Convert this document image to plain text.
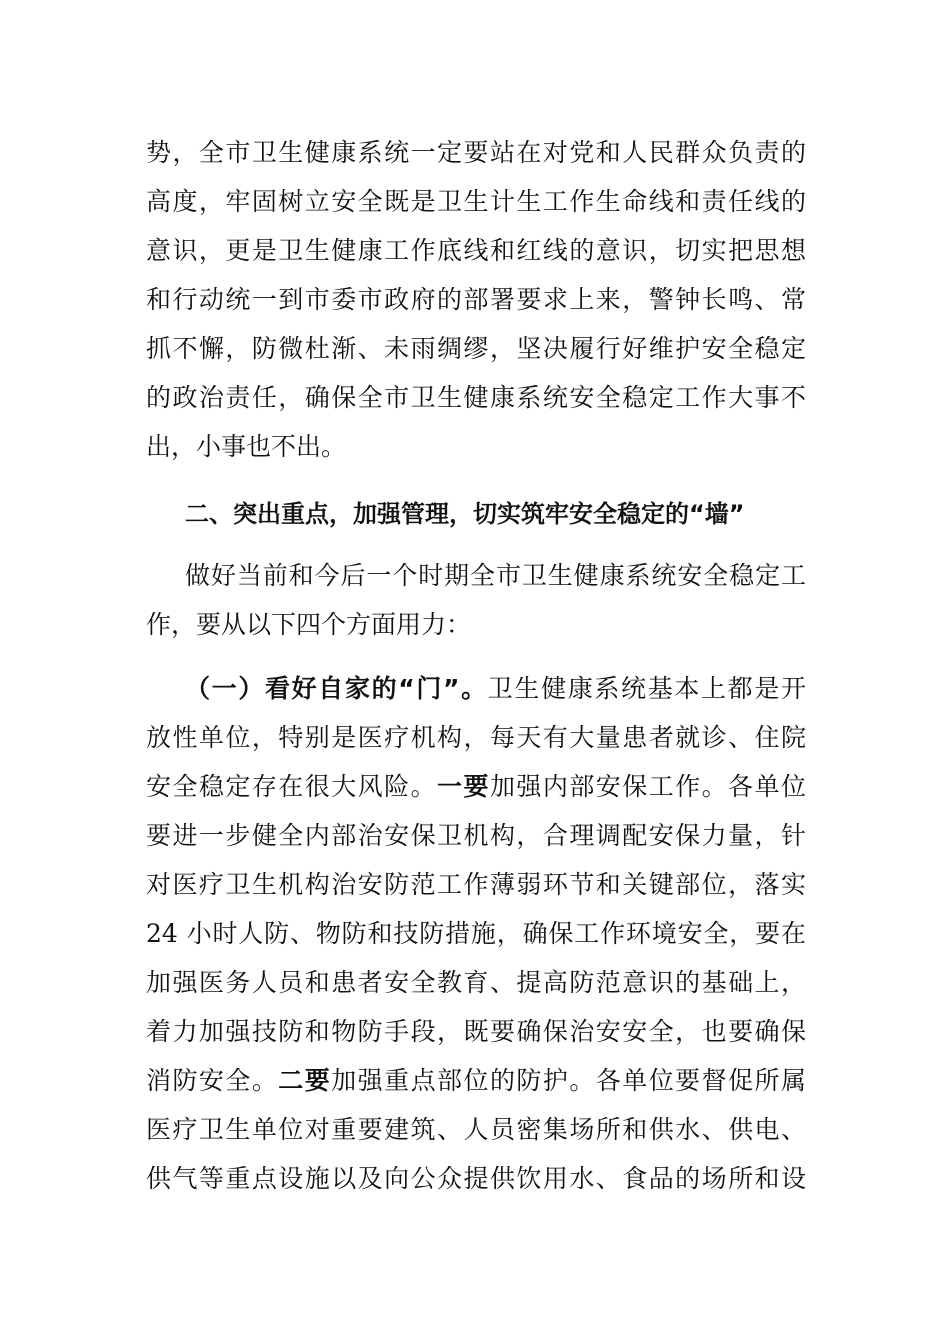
势，全市卫生健康系统一定要站在对党和人民群众负责的
高度，牢固树立安全既是卫生计生工作生命线和责任线的
意识，更是卫生健康工作底线和红线的意识，切实把思想
和行动统一到市委市政府的部署要求上来，警钟长鸣、常
抓不懈，防微杜渐、未雨绸缪，坚决履行好维护安全稳定
的政治责任，确保全市卫生健康系统安全稳定工作大事不
出，小事也不出。
二、突出重点，加强管理，切实筑牢安全稳定的“墙”
做好当前和今后一个时期全市卫生健康系统安全稳定工
作，要从以下四个方面用力：
（一）看好自家的“门”。卫生健康系统基本上都是开
放性单位，特别是医疗机构，每天有大量患者就诊、住院
安全稳定存在很大风险。一要加强内部安保工作。各单位
要进一步健全内部治安保卫机构，合理调配安保力量，针
对医疗卫生机构治安防范工作薄弱环节和关键部位，落实
24 小时人防、物防和技防措施，确保工作环境安全，要在
加强医务人员和患者安全教育、提高防范意识的基础上，
着力加强技防和物防手段，既要确保治安安全，也要确保
消防安全。二要加强重点部位的防护。各单位要督促所属
医疗卫生单位对重要建筑、人员密集场所和供水、供电、
供气等重点设施以及向公众提供饮用水、食品的场所和设
